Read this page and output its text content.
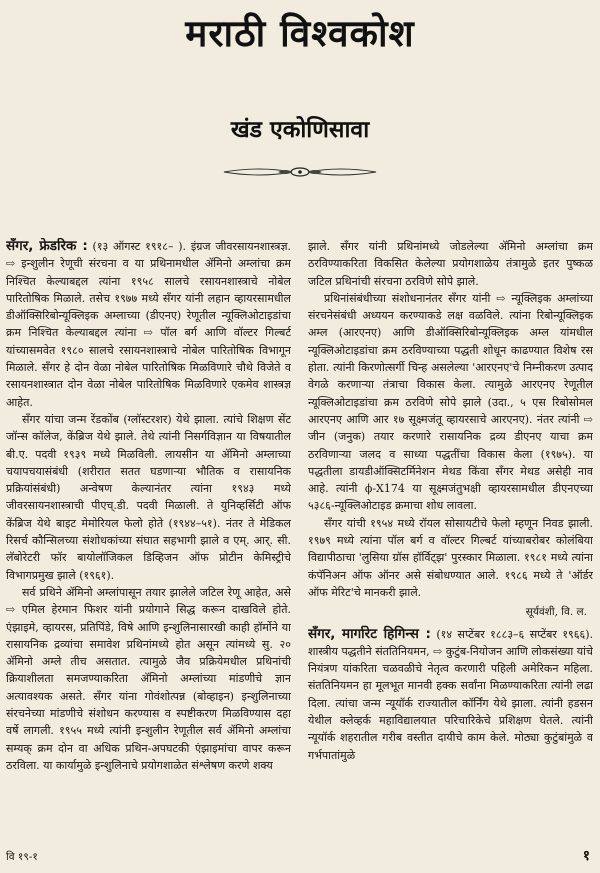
मराठी विश्वकोश
खंड एकोणिसावा

सँगर, फ्रेडरिक : (१३ ऑगस्ट १९१८– ). इंग्रज जीवरसायनशास्त्रज्ञ. ⇨ इन्शुलीन रेणूची संरचना व या प्रथिनामधील ॲमिनो अम्लांचा क्रम निश्चित केल्याबद्दल त्यांना १९५८ सालचे रसायनशास्त्राचे नोबेल पारितोषिक मिळाले. तसेच १९७७ मध्ये सँगर यांनी लहान व्हायरसामधील डीऑक्सिरिबोन्यूक्लिइक अम्लाच्या (डीएनए) रेणूतील न्यूक्लिओटाइडांचा क्रम निश्चित केल्याबद्दल त्यांना ⇨ पॉल बर्ग आणि वॉल्टर गिल्बर्ट यांच्यासमवेत १९८० सालचे रसायनशास्त्राचे नोबेल पारितोषिक विभागून मिळाले. सँगर हे दोन वेळा नोबेल पारितोषिक मिळविणारे चौथे विजेते व रसायनशास्त्रात दोन वेळा नोबेल पारितोषिक मिळविणारे एकमेव शास्त्रज्ञ आहेत.

सँगर यांचा जन्म रेंडकोंब (ग्लॉस्टरशर) येथे झाला. त्यांचे शिक्षण सेंट जॉन्स कॉलेज, केंब्रिज येथे झाले. तेथे त्यांनी निसर्गविज्ञान या विषयातील बी.ए. पदवी १९३९ मध्ये मिळविली. लायसीन या ॲमिनो अम्लाच्या चयापचयासंबंधी (शरीरात सतत घडणाऱ्या भौतिक व रासायनिक प्रक्रियांसंबंधी) अन्वेषण केल्यानंतर त्यांना १९४३ मध्ये जीवरसायनशास्त्राची पीएच्.डी. पदवी मिळाली. ते युनिव्हर्सिटी ऑफ केंब्रिज येथे बाइट मेमोरियल फेलो होते (१९४४–५१). नंतर ते मेडिकल रिसर्च कौन्सिलच्या संशोधकांच्या संघात सहभागी झाले व एम्. आर्. सी. लॅबोरेटरी फॉर बायोलॉजिकल डिव्हिजन ऑफ प्रोटीन केमिस्ट्रीचे विभागप्रमुख झाले (१९६१).

सर्व प्रथिने ॲमिनो अम्लांपासून तयार झालेले जटिल रेणू आहेत, असे ⇨ एमिल हेरमान फिशर यांनी प्रयोगाने सिद्ध करून दाखविले होते. एंझाइमे, व्हायरस, प्रतिपिंडे, विषे आणि इन्शुलिनासारखी काही हॉर्मोने या रासायनिक द्रव्यांचा समावेश प्रथिनांमध्ये होत असून त्यांमध्ये सु. २० ॲमिनो अम्ले तीच असतात. त्यामुळे जैव प्रक्रियेमधील प्रथिनांची क्रियाशीलता समजण्याकरिता ॲमिनो अम्लांच्या मांडणीचे ज्ञान अत्यावश्यक असते. सँगर यांना गोवंशोत्पन्न (बोव्हाइन) इन्शुलिनाच्या संरचनेच्या मांडणीचे संशोधन करण्यास व स्पष्टीकरण मिळविण्यास दहा वर्षे लागली. १९५५ मध्ये त्यांनी इन्शुलीन रेणूतील सर्व ॲमिनो अम्लांचा सम्यक् क्रम दोन वा अधिक प्रथिन-अपघटकी एंझाइमांचा वापर करून ठरविला. या कार्यामुळे इन्शुलिनाचे प्रयोगशाळेत संश्लेषण करणे शक्य

झाले. सँगर यांनी प्रथिनांमध्ये जोडलेल्या ॲमिनो अम्लांचा क्रम ठरविण्याकरिता विकसित केलेल्या प्रयोगशाळेय तंत्रामुळे इतर पुष्कळ जटिल प्रथिनांची संरचना ठरविणे सोपे झाले.

प्रथिनांसंबंधीच्या संशोधनानंतर सँगर यांनी ⇨ न्यूक्लिइक अम्लांच्या संरचनेसंबंधी अध्ययन करण्याकडे लक्ष वळविले. त्यांना रिबोन्यूक्लिइक अम्ल (आरएनए) आणि डीऑक्सिरिबोन्यूक्लिइक अम्ल यांमधील न्यूक्लिओटाइडांचा क्रम ठरविण्याच्या पद्धती शोधून काढण्यात विशेष रस होता. त्यांनी किरणोत्सर्गी चिन्ह असलेल्या 'आरएनए'चे निम्नीकरण उत्पाद वेगळे करणाऱ्या तंत्राचा विकास केला. त्यामुळे आरएनए रेणूतील न्यूक्लिओटाइडांचा क्रम ठरविणे सोपे झाले (उदा., ५ एस रिबोसोमल आरएनए आणि आर १७ सूक्ष्मजंतू व्हायरसाचे आरएनए). नंतर त्यांनी ⇨ जीन (जनुक) तयार करणारे रासायनिक द्रव्य डीएनए याचा क्रम ठरविणाऱ्या जलद व साध्या पद्धतींचा विकास केला (१९७५). या पद्धतीला डायडीऑक्सिटर्मिनेशन मेथड किंवा सँगर मेथड असेही नाव आहे. त्यांनी ϕ-X174 या सूक्ष्मजंतुभक्षी व्हायरसामधील डीएनएच्या ५३८६-न्यूक्लिओटाइड क्रमाचा शोध लावला.

सँगर यांची १९५४ मध्ये रॉयल सोसायटीचे फेलो म्हणून निवड झाली. १९७९ मध्ये त्यांना पॉल बर्ग व वॉल्टर गिल्बर्ट यांच्याबरोबर कोलंबिया विद्यापीठाचा 'लुसिया ग्रॉस हॉर्विट्झ' पुरस्कार मिळाला. १९८१ मध्ये त्यांना कंपॅनिअन ऑफ ऑनर असे संबोधण्यात आले. १९८६ मध्ये ते 'ऑर्डर ऑफ मेरिट'चे मानकरी झाले.

सूर्यवंशी, वि. ल.

सँगर, मार्गारेट हिगिन्स : (१४ सप्टेंबर १८८३–६ सप्टेंबर १९६६). शास्त्रीय पद्धतीने संततिनियमन, ⇨ कुटुंब-नियोजन आणि लोकसंख्या यांचे नियंत्रण यांकरिता चळवळीचे नेतृत्व करणारी पहिली अमेरिकन महिला. संततिनियमन हा मूलभूत मानवी हक्क सर्वांना मिळण्याकरिता त्यांनी लढा दिला. त्यांचा जन्म न्यूयॉर्क राज्यातील कॉर्निंग येथे झाला. त्यांनी हडसन येथील क्लेव्हर्क महाविद्यालयात परिचारिकेचे प्रशिक्षण घेतले. त्यांनी न्यूयॉर्क शहरातील गरीब वस्तीत दायीचे काम केले. मोठ्या कुटुंबांमुळे व गर्भपातांमुळे

वि १९-१	१
